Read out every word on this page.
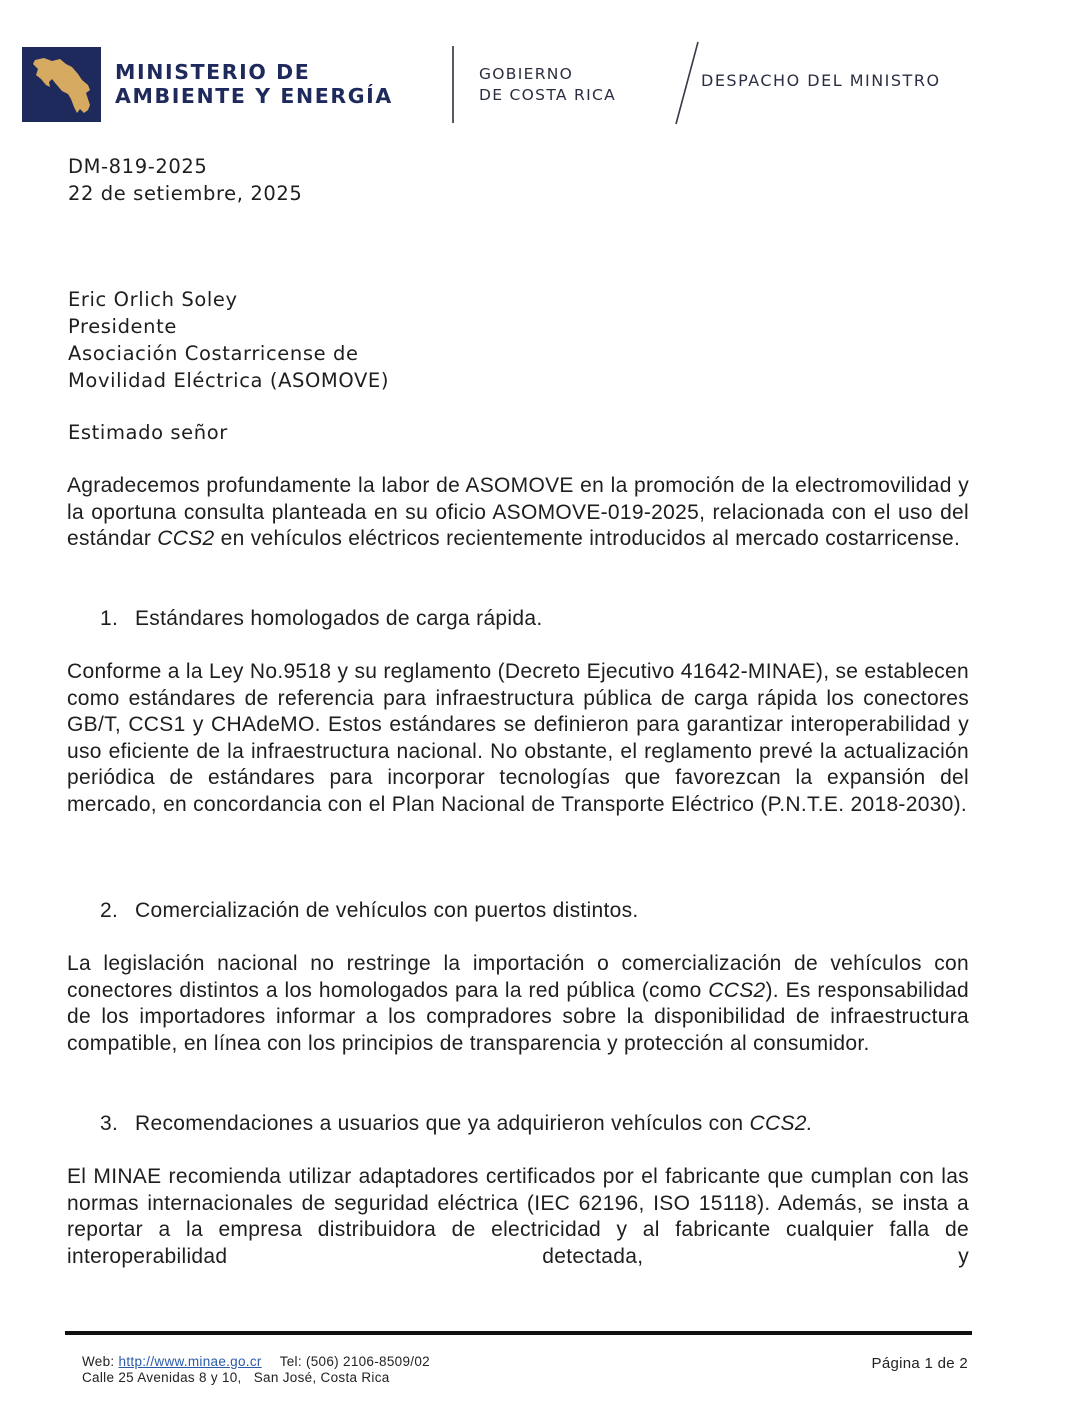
MINISTERIO DE
AMBIENTE Y ENERGÍA
GOBIERNO
DE COSTA RICA
DESPACHO DEL MINISTRO
DM-819-2025
22 de setiembre, 2025
Eric Orlich Soley
Presidente
Asociación Costarricense de
Movilidad Eléctrica (ASOMOVE)
Estimado señor
Agradecemos profundamente la labor de ASOMOVE en la promoción de la electromovilidad y la oportuna consulta planteada en su oficio ASOMOVE-019-2025, relacionada con el uso del estándar CCS2 en vehículos eléctricos recientemente introducidos al mercado costarricense.
1. Estándares homologados de carga rápida.
Conforme a la Ley No.9518 y su reglamento (Decreto Ejecutivo 41642-MINAE), se establecen como estándares de referencia para infraestructura pública de carga rápida los conectores GB/T, CCS1 y CHAdeMO. Estos estándares se definieron para garantizar interoperabilidad y uso eficiente de la infraestructura nacional. No obstante, el reglamento prevé la actualización periódica de estándares para incorporar tecnologías que favorezcan la expansión del mercado, en concordancia con el Plan Nacional de Transporte Eléctrico (P.N.T.E. 2018-2030).
2. Comercialización de vehículos con puertos distintos.
La legislación nacional no restringe la importación o comercialización de vehículos con conectores distintos a los homologados para la red pública (como CCS2). Es responsabilidad de los importadores informar a los compradores sobre la disponibilidad de infraestructura compatible, en línea con los principios de transparencia y protección al consumidor.
3. Recomendaciones a usuarios que ya adquirieron vehículos con CCS2.
El MINAE recomienda utilizar adaptadores certificados por el fabricante que cumplan con las normas internacionales de seguridad eléctrica (IEC 62196, ISO 15118). Además, se insta a reportar a la empresa distribuidora de electricidad y al fabricante cualquier falla de interoperabilidad detectada, y
Web: http://www.minae.go.cr Tel: (506) 2106-8509/02
Calle 25 Avenidas 8 y 10,   San José, Costa Rica
Página 1 de 2
